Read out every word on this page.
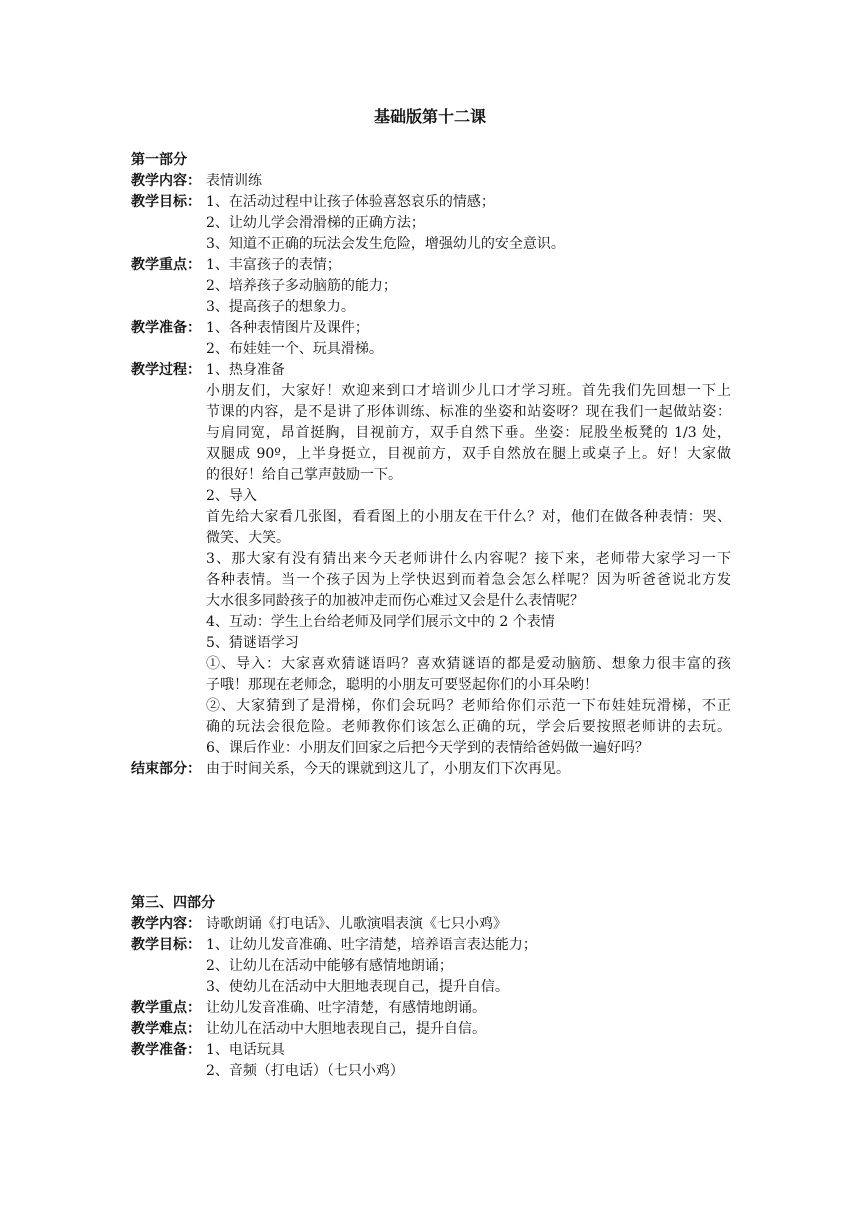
基础版第十二课
第一部分
教学内容： 表情训练
教学目标： 1、在活动过程中让孩子体验喜怒哀乐的情感；
2、让幼儿学会滑滑梯的正确方法；
3、知道不正确的玩法会发生危险，增强幼儿的安全意识。
教学重点： 1、丰富孩子的表情；
2、培养孩子多动脑筋的能力；
3、提高孩子的想象力。
教学准备： 1、各种表情图片及课件；
2、布娃娃一个、玩具滑梯。
教学过程： 1、热身准备
小朋友们，大家好！欢迎来到口才培训少儿口才学习班。首先我们先回想一下上
节课的内容，是不是讲了形体训练、标准的坐姿和站姿呀？现在我们一起做站姿：
与肩同宽，昂首挺胸，目视前方，双手自然下垂。坐姿：屁股坐板凳的 1/3 处，
双腿成 90º，上半身挺立，目视前方，双手自然放在腿上或桌子上。好！大家做
的很好！给自己掌声鼓励一下。
2、导入
首先给大家看几张图，看看图上的小朋友在干什么？对，他们在做各种表情：哭、
微笑、大笑。
3、那大家有没有猜出来今天老师讲什么内容呢？接下来，老师带大家学习一下
各种表情。当一个孩子因为上学快迟到而着急会怎么样呢？因为听爸爸说北方发
大水很多同龄孩子的加被冲走而伤心难过又会是什么表情呢？
4、互动：学生上台给老师及同学们展示文中的 2 个表情
5、猜谜语学习
①、导入：大家喜欢猜谜语吗？喜欢猜谜语的都是爱动脑筋、想象力很丰富的孩
子哦！那现在老师念，聪明的小朋友可要竖起你们的小耳朵哟！
②、大家猜到了是滑梯，你们会玩吗？老师给你们示范一下布娃娃玩滑梯，不正
确的玩法会很危险。老师教你们该怎么正确的玩，学会后要按照老师讲的去玩。
6、课后作业：小朋友们回家之后把今天学到的表情给爸妈做一遍好吗？
结束部分： 由于时间关系，今天的课就到这儿了，小朋友们下次再见。
第三、四部分
教学内容： 诗歌朗诵《打电话》、儿歌演唱表演《七只小鸡》
教学目标： 1、让幼儿发音准确、吐字清楚，培养语言表达能力；
2、让幼儿在活动中能够有感情地朗诵；
3、使幼儿在活动中大胆地表现自己，提升自信。
教学重点： 让幼儿发音准确、吐字清楚，有感情地朗诵。
教学难点： 让幼儿在活动中大胆地表现自己，提升自信。
教学准备： 1、电话玩具
2、音频（打电话）（七只小鸡）
